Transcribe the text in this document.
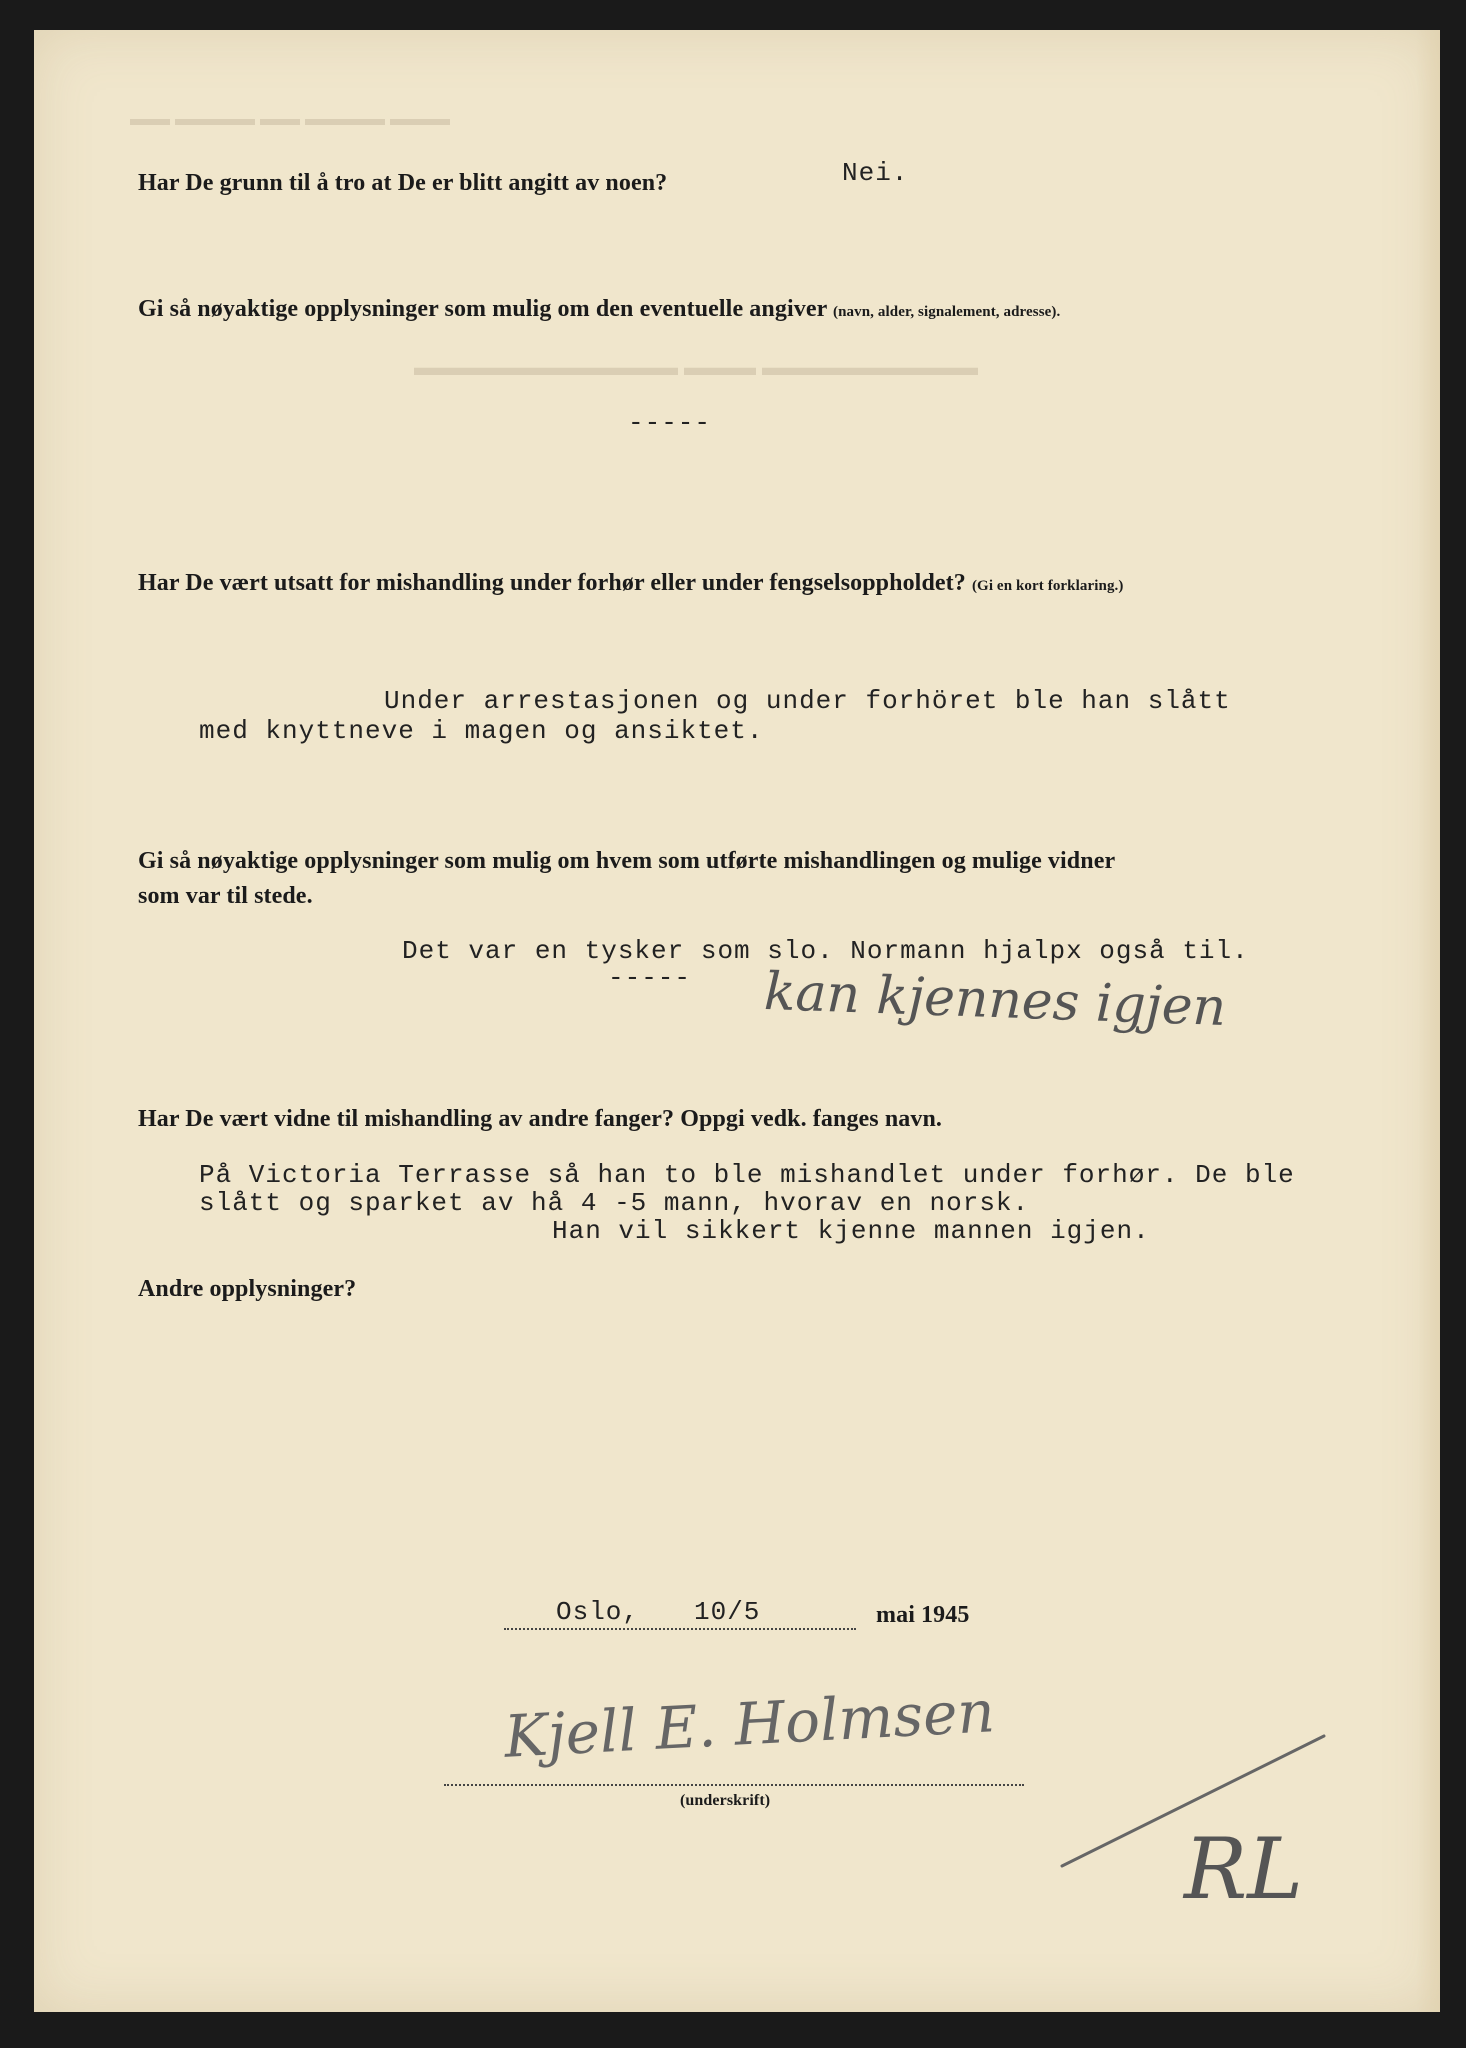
▬▬ ▬▬▬▬ ▬▬ ▬▬▬▬ ▬▬▬
▬▬▬▬▬▬▬▬▬▬▬ ▬▬▬ ▬▬▬▬▬▬▬▬▬
Har De grunn til å tro at De er blitt angitt av noen?	Nei.
Gi så nøyaktige opplysninger som mulig om den eventuelle angiver (navn, alder, signalement, adresse).
-----
Har De vært utsatt for mishandling under forhør eller under fengselsoppholdet? (Gi en kort forklaring.)
Under arrestasjonen og under forhöret ble han slått
med knyttneve i magen og ansiktet.
Gi så nøyaktige opplysninger som mulig om hvem som utførte mishandlingen og mulige vidner
som var til stede.
Det var en tysker som slo. Normann hjalpx også til.
----- kan kjennes igjen
Har De vært vidne til mishandling av andre fanger? Oppgi vedk. fanges navn.
På Victoria Terrasse så han to ble mishandlet under forhør. De ble
slått og sparket av hå 4 -5 mann, hvorav en norsk.
Han vil sikkert kjenne mannen igjen.
Andre opplysninger?
Oslo, 10/5	mai 1945
Kjell E. Holmsen
(underskrift)
RL
